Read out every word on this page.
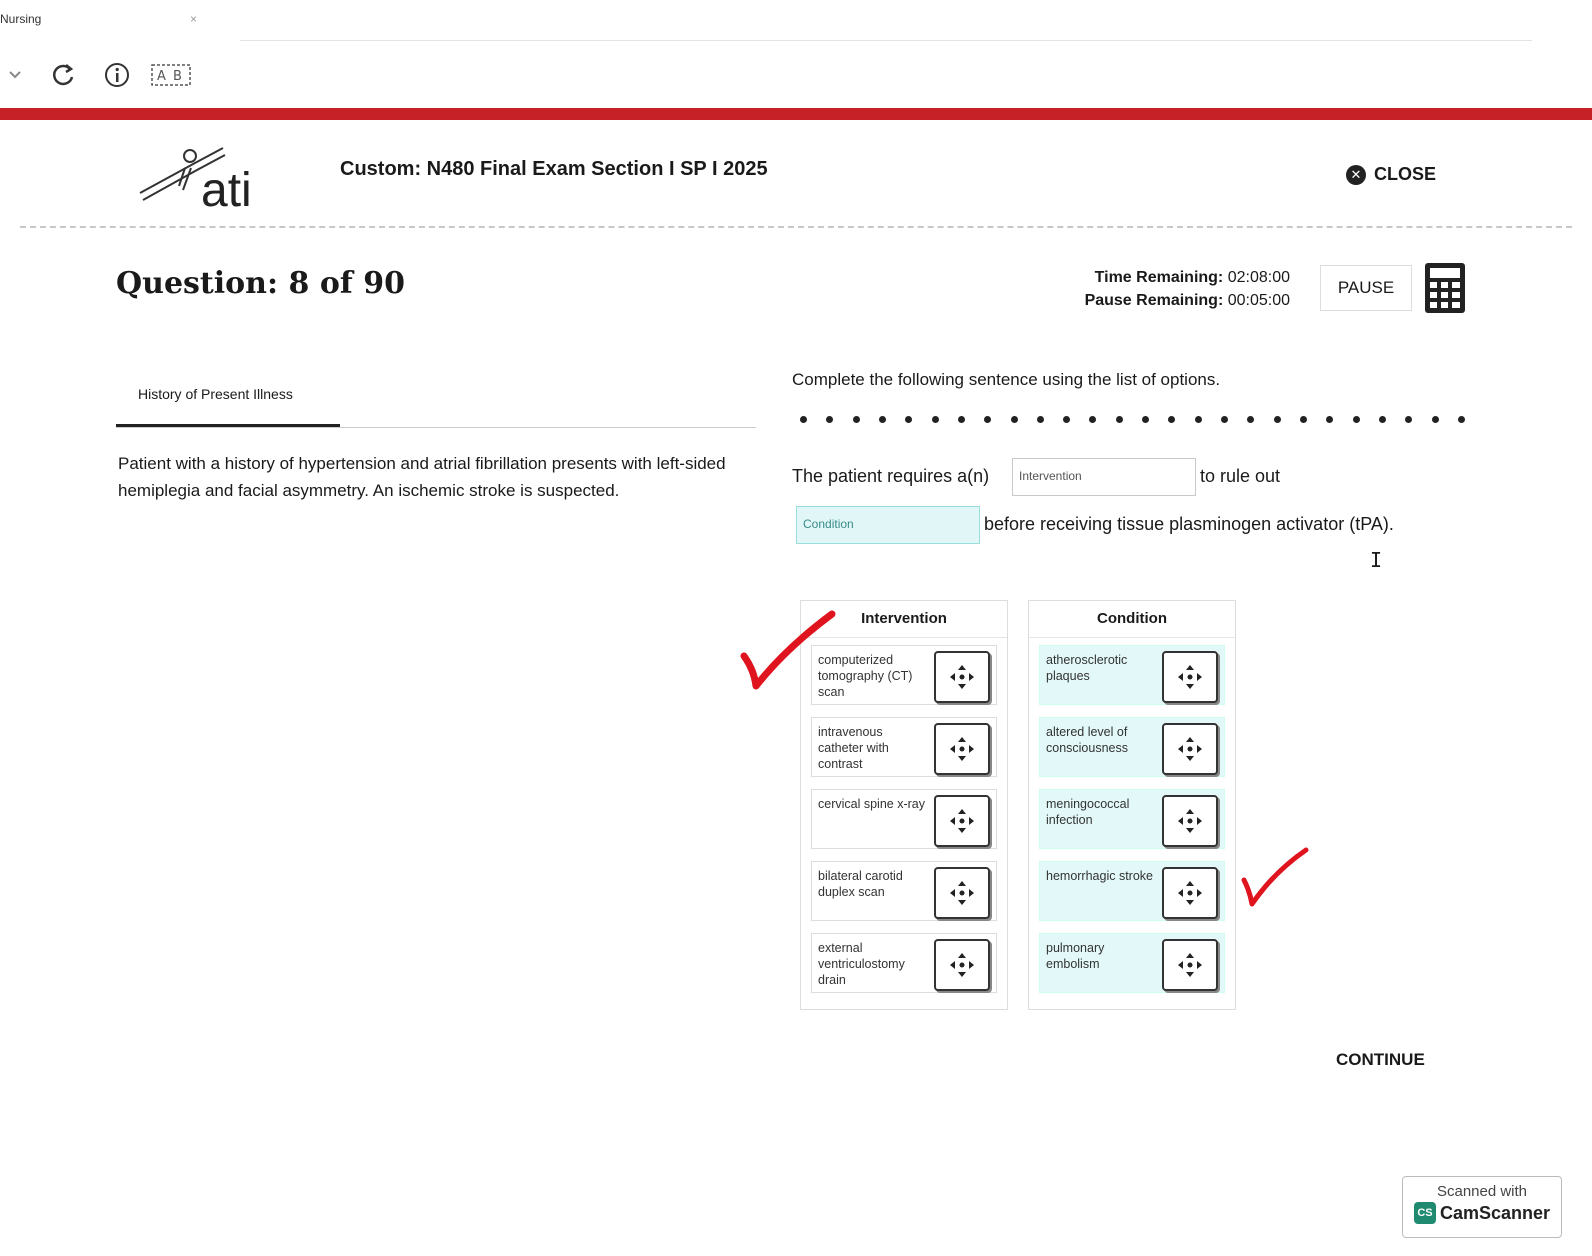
Nursing	×
A B
ati	Custom: N480 Final Exam Section I SP I 2025	✕ CLOSE
Question: 8 of 90	Time Remaining: 02:08:00
Pause Remaining: 00:05:00
PAUSE
History of Present Illness
Patient with a history of hypertension and atrial fibrillation presents with left-sided hemiplegia and facial asymmetry. An ischemic stroke is suspected.
Complete the following sentence using the list of options.
The patient requires a(n)	Intervention	to rule out
Condition	before receiving tissue plasminogen activator (tPA).
I
Intervention
computerized tomography (CT) scan
intravenous catheter with contrast
cervical spine x-ray
bilateral carotid duplex scan
external ventriculostomy drain
Condition
atherosclerotic plaques
altered level of consciousness
meningococcal infection
hemorrhagic stroke
pulmonary embolism
CONTINUE
Scanned with
CS CamScanner
